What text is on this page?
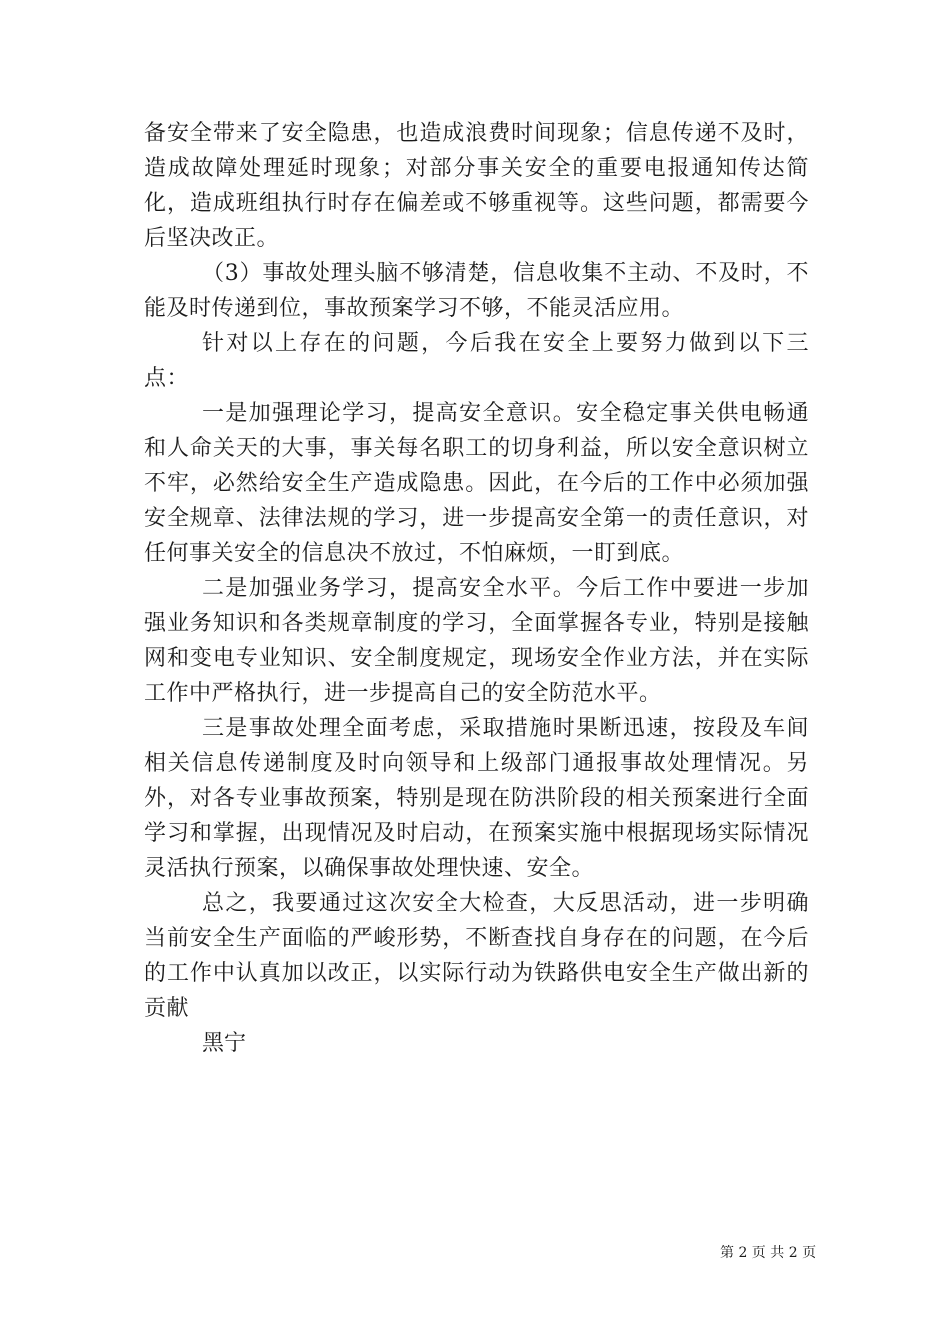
备安全带来了安全隐患，也造成浪费时间现象；信息传递不及时，造成故障处理延时现象；对部分事关安全的重要电报通知传达简化，造成班组执行时存在偏差或不够重视等。这些问题，都需要今后坚决改正。

（3）事故处理头脑不够清楚，信息收集不主动、不及时，不能及时传递到位，事故预案学习不够，不能灵活应用。

针对以上存在的问题，今后我在安全上要努力做到以下三点：

一是加强理论学习，提高安全意识。安全稳定事关供电畅通和人命关天的大事，事关每名职工的切身利益，所以安全意识树立不牢，必然给安全生产造成隐患。因此，在今后的工作中必须加强安全规章、法律法规的学习，进一步提高安全第一的责任意识，对任何事关安全的信息决不放过，不怕麻烦，一盯到底。

二是加强业务学习，提高安全水平。今后工作中要进一步加强业务知识和各类规章制度的学习，全面掌握各专业，特别是接触网和变电专业知识、安全制度规定，现场安全作业方法，并在实际工作中严格执行，进一步提高自己的安全防范水平。

三是事故处理全面考虑，采取措施时果断迅速，按段及车间相关信息传递制度及时向领导和上级部门通报事故处理情况。另外，对各专业事故预案，特别是现在防洪阶段的相关预案进行全面学习和掌握，出现情况及时启动，在预案实施中根据现场实际情况灵活执行预案，以确保事故处理快速、安全。

总之，我要通过这次安全大检查，大反思活动，进一步明确当前安全生产面临的严峻形势，不断查找自身存在的问题，在今后的工作中认真加以改正，以实际行动为铁路供电安全生产做出新的贡献

黑宁

第 2 页 共 2 页
